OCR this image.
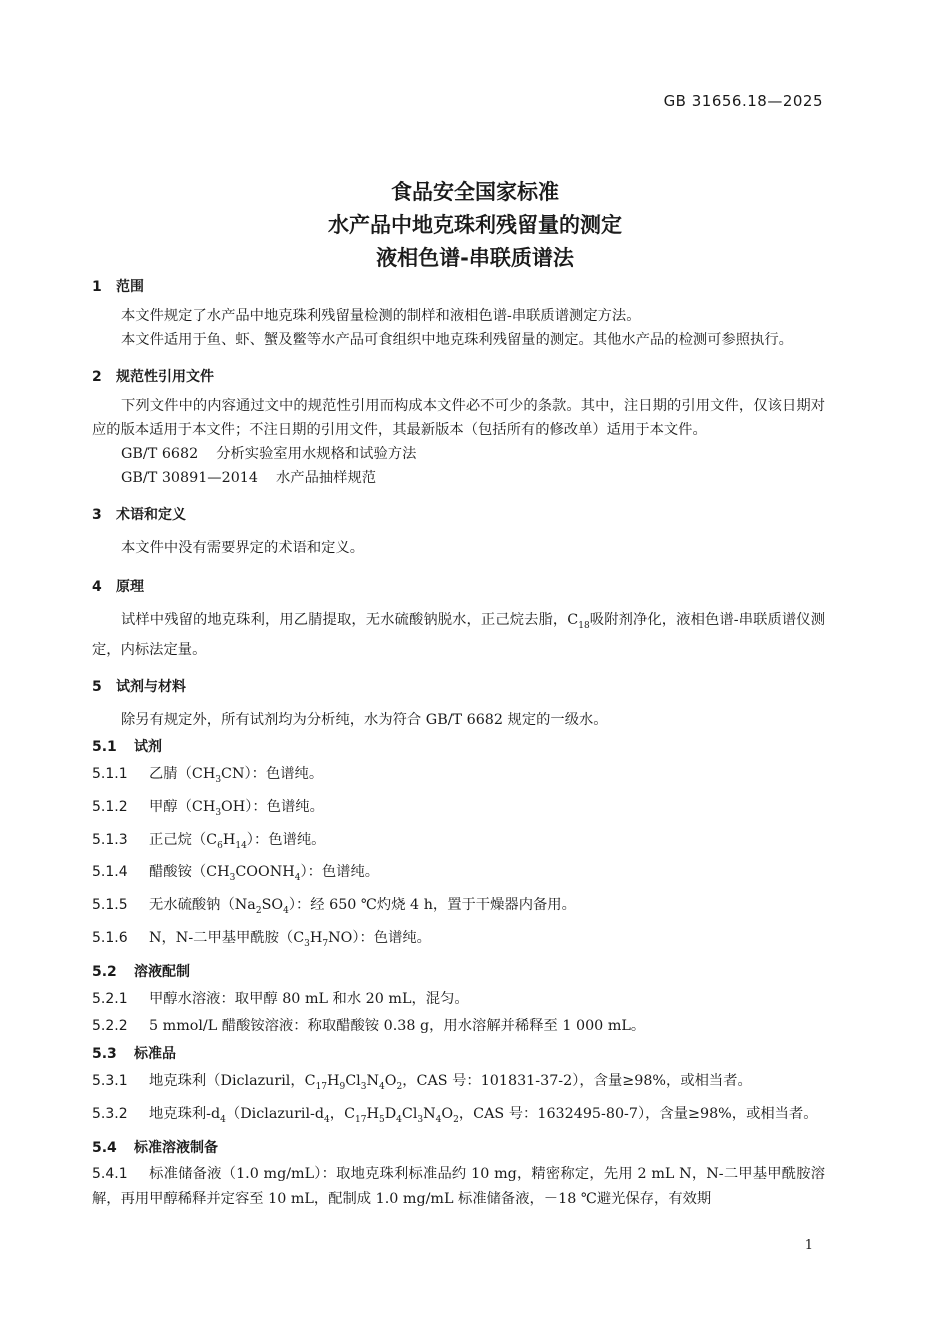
GB 31656.18—2025
食品安全国家标准
水产品中地克珠利残留量的测定
液相色谱-串联质谱法
1 范围
本文件规定了水产品中地克珠利残留量检测的制样和液相色谱-串联质谱测定方法。
本文件适用于鱼、虾、蟹及鳖等水产品可食组织中地克珠利残留量的测定。其他水产品的检测可参照执行。
2 规范性引用文件
下列文件中的内容通过文中的规范性引用而构成本文件必不可少的条款。其中，注日期的引用文件，仅该日期对应的版本适用于本文件；不注日期的引用文件，其最新版本（包括所有的修改单）适用于本文件。
GB/T 6682 分析实验室用水规格和试验方法
GB/T 30891—2014 水产品抽样规范
3 术语和定义
本文件中没有需要界定的术语和定义。
4 原理
试样中残留的地克珠利，用乙腈提取，无水硫酸钠脱水，正己烷去脂，$C_{18}$吸附剂净化，液相色谱-串联质谱仪测定，内标法定量。
5 试剂与材料
除另有规定外，所有试剂均为分析纯，水为符合 GB/T 6682 规定的一级水。
5.1 试剂
5.1.1 乙腈$(CH_3CN)$：色谱纯。
5.1.2 甲醇$(CH_3OH)$：色谱纯。
5.1.3 正己烷$(C_6H_{14})$：色谱纯。
5.1.4 醋酸铵$(CH_3COONH_4)$：色谱纯。
5.1.5 无水硫酸钠$(Na_2SO_4)$：经 650 ℃灼烧 4 h，置于干燥器内备用。
5.1.6 N，N-二甲基甲酰胺$(C_3H_7NO)$：色谱纯。
5.2 溶液配制
5.2.1 甲醇水溶液：取甲醇 80 mL 和水 20 mL，混匀。
5.2.2 5 mmol/L 醋酸铵溶液：称取醋酸铵 0.38 g，用水溶解并稀释至 1 000 mL。
5.3 标准品
5.3.1 地克珠利（Diclazuril，$C_{17}H_9Cl_3N_4O_2$，CAS 号：101831-37-2），含量≥98%，或相当者。
5.3.2 地克珠利$-d_4(Diclazuril-d_4$，$C_{17}H_5D_4Cl_3N_4O_2$，CAS 号：1632495-80-7），含量≥98%，或相当者。
5.4 标准溶液制备
5.4.1 标准储备液（1.0 mg/mL）：取地克珠利标准品约 10 mg，精密称定，先用 2 mL N，N-二甲基甲酰胺溶解，再用甲醇稀释并定容至 10 mL，配制成 1.0 mg/mL 标准储备液，－18 ℃避光保存，有效期
1
